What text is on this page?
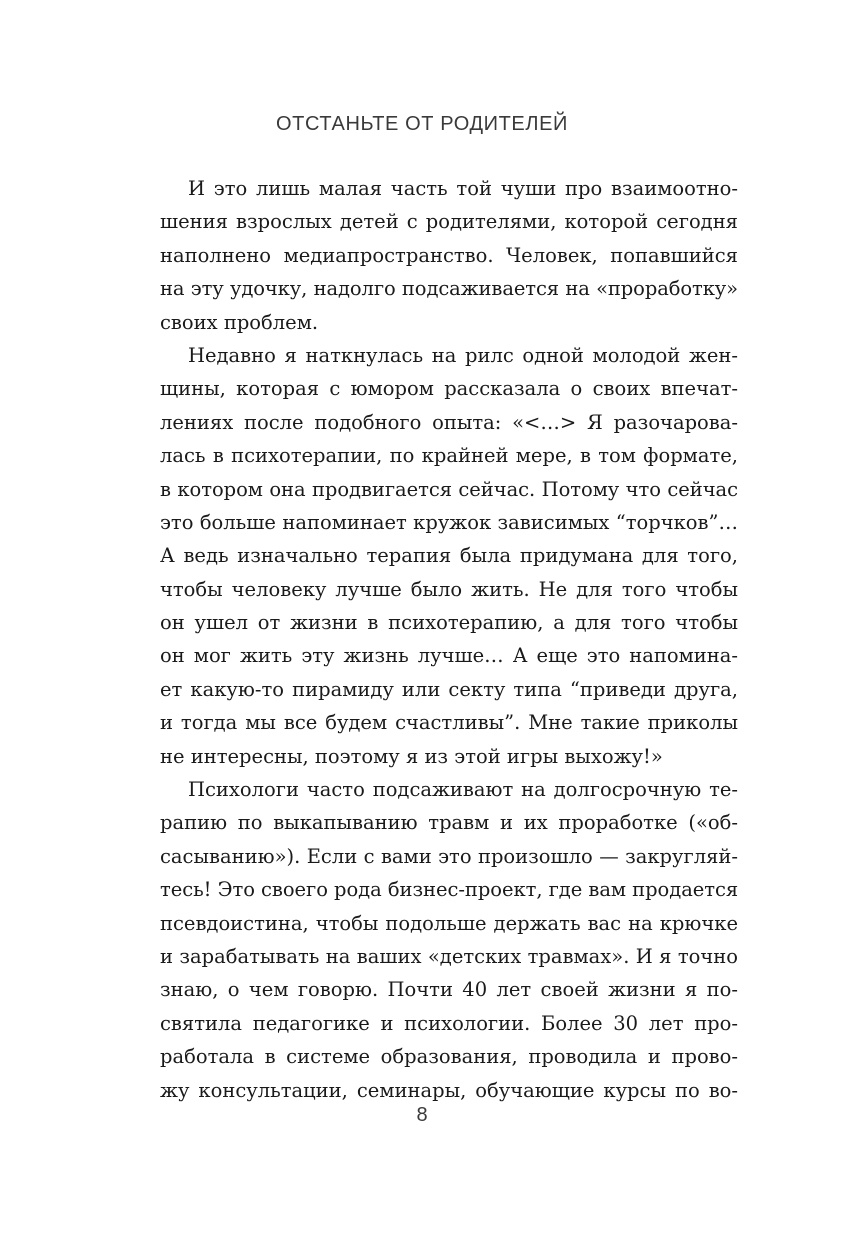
ОТСТАНЬТЕ ОТ РОДИТЕЛЕЙ
И это лишь малая часть той чуши про взаимоотно-
шения взрослых детей с родителями, которой сегодня
наполнено медиапространство. Человек, попавшийся
на эту удочку, надолго подсаживается на «проработку»
своих проблем.
Недавно я наткнулась на рилс одной молодой жен-
щины, которая с юмором рассказала о своих впечат-
лениях после подобного опыта: «<…> Я разочарова-
лась в психотерапии, по крайней мере, в том формате,
в котором она продвигается сейчас. Потому что сейчас
это больше напоминает кружок зависимых “торчков”…
А ведь изначально терапия была придумана для того,
чтобы человеку лучше было жить. Не для того чтобы
он ушел от жизни в психотерапию, а для того чтобы
он мог жить эту жизнь лучше… А еще это напомина-
ет какую-то пирамиду или секту типа “приведи друга,
и тогда мы все будем счастливы”. Мне такие приколы
не интересны, поэтому я из этой игры выхожу!»
Психологи часто подсаживают на долгосрочную те-
рапию по выкапыванию травм и их проработке («об-
сасыванию»). Если с вами это произошло — закругляй-
тесь! Это своего рода бизнес-проект, где вам продается
псевдоистина, чтобы подольше держать вас на крючке
и зарабатывать на ваших «детских травмах». И я точно
знаю, о чем говорю. Почти 40 лет своей жизни я по-
святила педагогике и психологии. Более 30 лет про-
работала в системе образования, проводила и прово-
жу консультации, семинары, обучающие курсы по во-
8
